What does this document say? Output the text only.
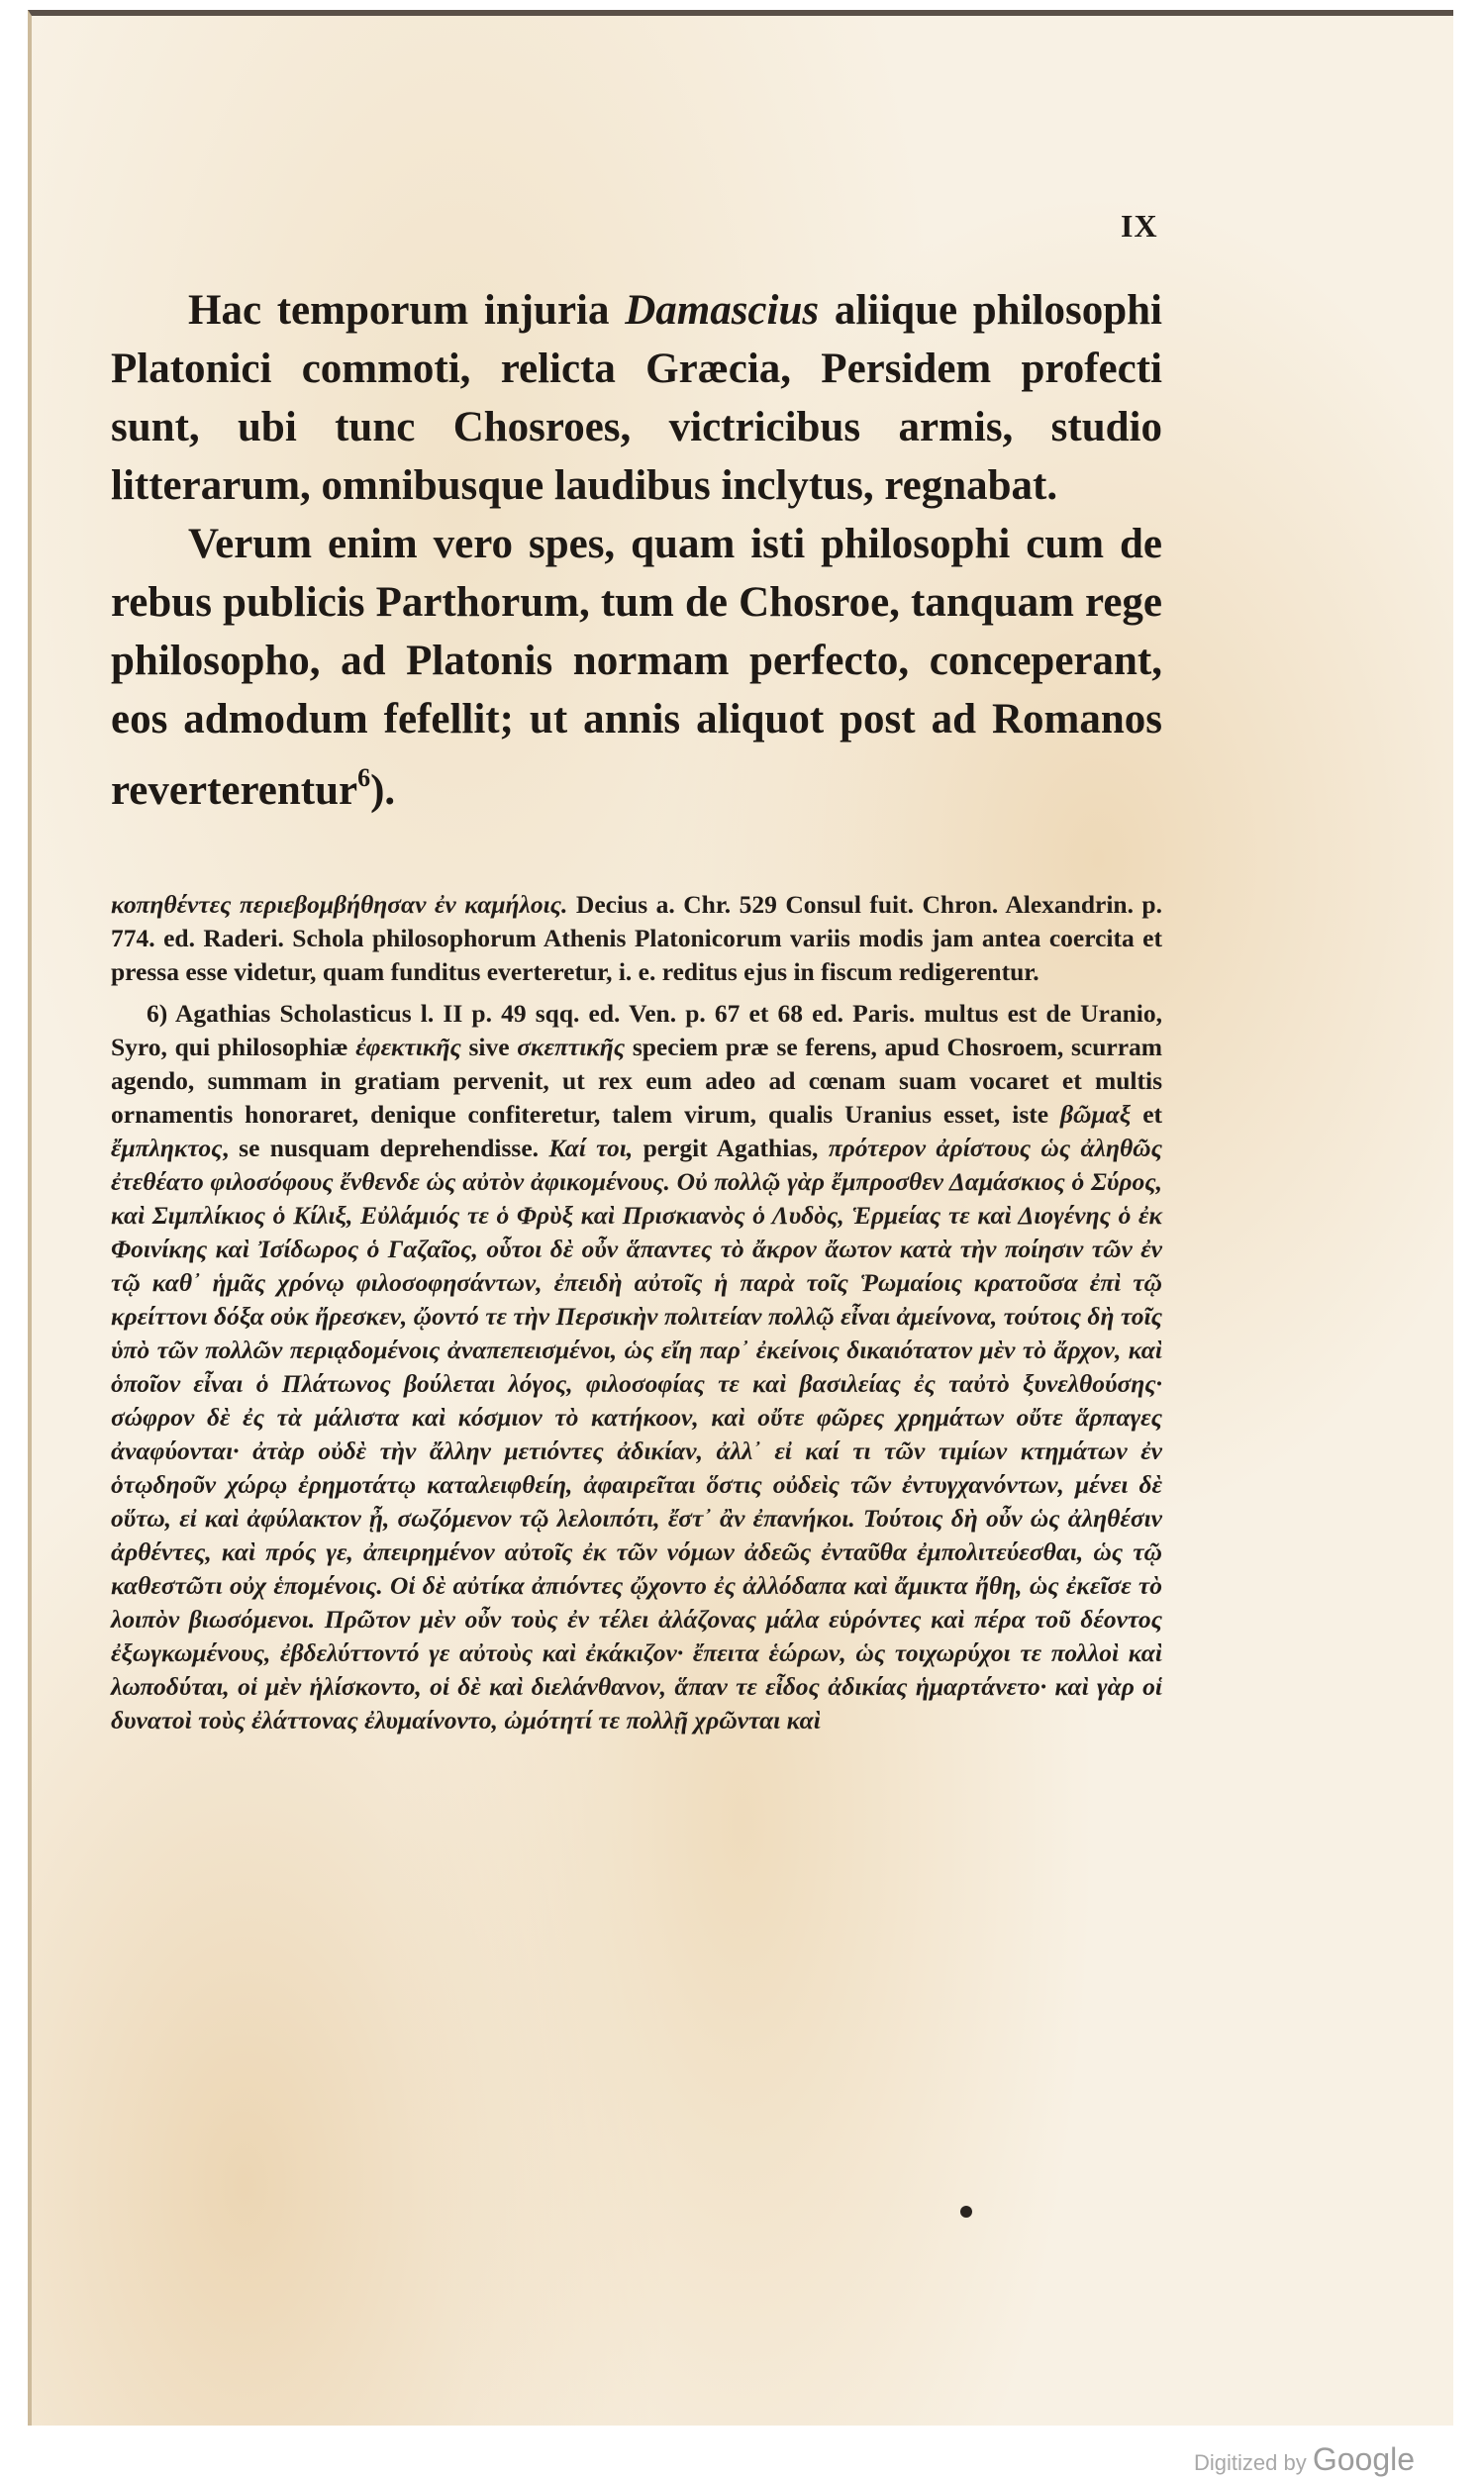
IX

Hac temporum injuria Damascius aliique philosophi Platonici commoti, relicta Græcia, Persidem profecti sunt, ubi tunc Chosroes, victricibus armis, studio litterarum, omnibusque laudibus inclytus, regnabat.

Verum enim vero spes, quam isti philosophi cum de rebus publicis Parthorum, tum de Chosroe, tanquam rege philosopho, ad Platonis normam perfecto, conceperant, eos admodum fefellit; ut annis aliquot post ad Romanos reverterentur$^6$).

κοπηθέντες περιεβομβήθησαν ἐν καμήλοις. Decius a. Chr. 529 Consul fuit. Chron. Alexandrin. p. 774. ed. Raderi. Schola philosophorum Athenis Platonicorum variis modis jam antea coercita et pressa esse videtur, quam funditus everteretur, i. e. reditus ejus in fiscum redigerentur.

6) Agathias Scholasticus l. II p. 49 sqq. ed. Ven. p. 67 et 68 ed. Paris. multus est de Uranio, Syro, qui philosophiæ ἐφεκτικῆς sive σκεπτικῆς speciem præ se ferens, apud Chosroem, scurram agendo, summam in gratiam pervenit, ut rex eum adeo ad cœnam suam vocaret et multis ornamentis honoraret, denique confiteretur, talem virum, qualis Uranius esset, iste βῶμαξ et ἔμπληκτος, se nusquam deprehendisse. Καί τοι, pergit Agathias, πρότερον ἀρίστους ὡς ἀληθῶς ἐτεθέατο φιλοσόφους ἔνθενδε ὡς αὐτὸν ἀφικομένους. Οὐ πολλῷ γὰρ ἔμπροσθεν Δαμάσκιος ὁ Σύρος, καὶ Σιμπλίκιος ὁ Κίλιξ, Εὐλάμιός τε ὁ Φρὺξ καὶ Πρισκιανὸς ὁ Λυδὸς, Ἑρμείας τε καὶ Διογένης ὁ ἐκ Φοινίκης καὶ Ἰσίδωρος ὁ Γαζαῖος, οὗτοι δὲ οὖν ἅπαντες τὸ ἄκρον ἄωτον κατὰ τὴν ποίησιν τῶν ἐν τῷ καθ᾽ ἡμᾶς χρόνῳ φιλοσοφησάντων, ἐπειδὴ αὐτοῖς ἡ παρὰ τοῖς Ῥωμαίοις κρατοῦσα ἐπὶ τῷ κρείττονι δόξα οὐκ ἤρεσκεν, ᾤοντό τε τὴν Περσικὴν πολιτείαν πολλῷ εἶναι ἀμείνονα, τούτοις δὴ τοῖς ὑπὸ τῶν πολλῶν περιᾳδομένοις ἀναπεπεισμένοι, ὡς εἴη παρ᾽ ἐκείνοις δικαιότατον μὲν τὸ ἄρχον, καὶ ὁποῖον εἶναι ὁ Πλάτωνος βούλεται λόγος, φιλοσοφίας τε καὶ βασιλείας ἐς ταὐτὸ ξυνελθούσης· σώφρον δὲ ἐς τὰ μάλιστα καὶ κόσμιον τὸ κατήκοον, καὶ οὔτε φῶρες χρημάτων οὔτε ἅρπαγες ἀναφύονται· ἀτὰρ οὐδὲ τὴν ἄλλην μετιόντες ἀδικίαν, ἀλλ᾽ εἰ καί τι τῶν τιμίων κτημάτων ἐν ὁτῳδηοῦν χώρῳ ἐρημοτάτῳ καταλειφθείη, ἀφαιρεῖται ὅστις οὐδεὶς τῶν ἐντυγχανόντων, μένει δὲ οὕτω, εἰ καὶ ἀφύλακτον ᾖ, σωζόμενον τῷ λελοιπότι, ἔστ᾽ ἂν ἐπανήκοι. Τούτοις δὴ οὖν ὡς ἀληθέσιν ἀρθέντες, καὶ πρός γε, ἀπειρημένον αὐτοῖς ἐκ τῶν νόμων ἀδεῶς ἐνταῦθα ἐμπολιτεύεσθαι, ὡς τῷ καθεστῶτι οὐχ ἑπομένοις. Οἱ δὲ αὐτίκα ἀπιόντες ᾤχοντο ἐς ἀλλόδαπα καὶ ἄμικτα ἤθη, ὡς ἐκεῖσε τὸ λοιπὸν βιωσόμενοι. Πρῶτον μὲν οὖν τοὺς ἐν τέλει ἀλάζονας μάλα εὑρόντες καὶ πέρα τοῦ δέοντος ἐξωγκωμένους, ἐβδελύττοντό γε αὐτοὺς καὶ ἐκάκιζον· ἔπειτα ἑώρων, ὡς τοιχωρύχοι τε πολλοὶ καὶ λωποδύται, οἱ μὲν ἡλίσκοντο, οἱ δὲ καὶ διελάνθανον, ἅπαν τε εἶδος ἀδικίας ἡμαρτάνετο· καὶ γὰρ οἱ δυνατοὶ τοὺς ἐλάττονας ἐλυμαίνοντο, ὠμότητί τε πολλῇ χρῶνται καὶ

Digitized by Google
